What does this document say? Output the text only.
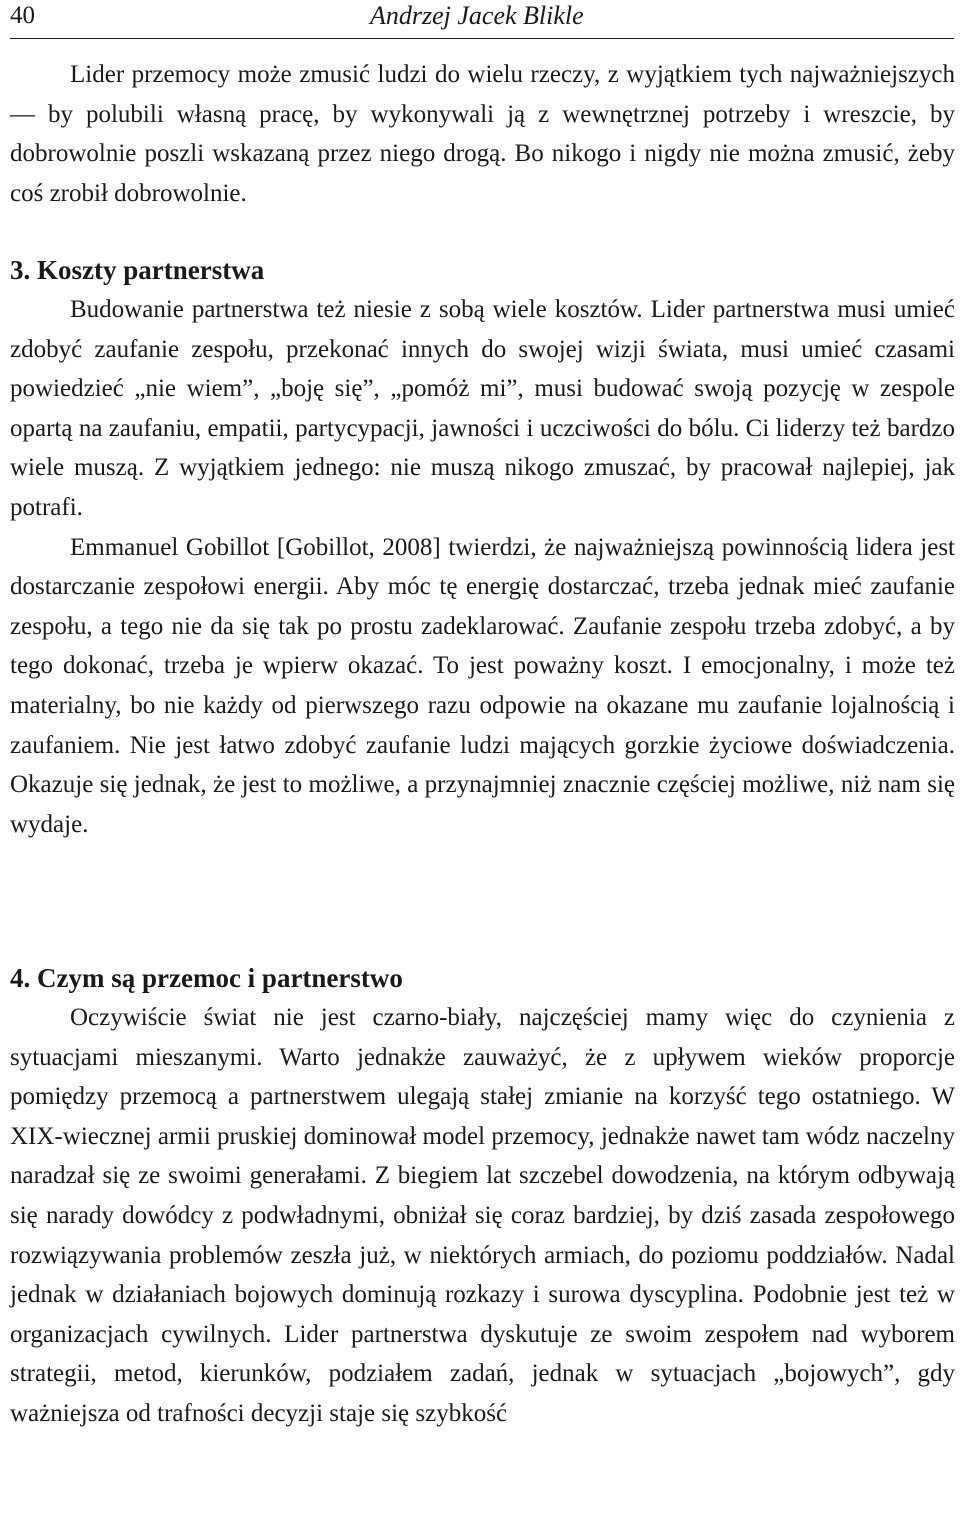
40	Andrzej Jacek Blikle

Lider przemocy może zmusić ludzi do wielu rzeczy, z wyjątkiem tych najważniejszych — by polubili własną pracę, by wykonywali ją z wewnętrznej potrzeby i wreszcie, by dobrowolnie poszli wskazaną przez niego drogą. Bo nikogo i nigdy nie można zmusić, żeby coś zrobił dobrowolnie.

3. Koszty partnerstwa

Budowanie partnerstwa też niesie z sobą wiele kosztów. Lider partnerstwa musi umieć zdobyć zaufanie zespołu, przekonać innych do swojej wizji świata, musi umieć czasami powiedzieć „nie wiem”, „boję się”, „pomóż mi”, musi budować swoją pozycję w zespole opartą na zaufaniu, empatii, partycypacji, jawności i uczciwości do bólu. Ci liderzy też bardzo wiele muszą. Z wyjątkiem jednego: nie muszą nikogo zmuszać, by pracował najlepiej, jak potrafi.

Emmanuel Gobillot [Gobillot, 2008] twierdzi, że najważniejszą powinnością lidera jest dostarczanie zespołowi energii. Aby móc tę energię dostarczać, trzeba jednak mieć zaufanie zespołu, a tego nie da się tak po prostu zadeklarować. Zaufanie zespołu trzeba zdobyć, a by tego dokonać, trzeba je wpierw okazać. To jest poważny koszt. I emocjonalny, i może też materialny, bo nie każdy od pierwszego razu odpowie na okazane mu zaufanie lojalnością i zaufaniem. Nie jest łatwo zdobyć zaufanie ludzi mających gorzkie życiowe doświadczenia. Okazuje się jednak, że jest to możliwe, a przynajmniej znacznie częściej możliwe, niż nam się wydaje.

4. Czym są przemoc i partnerstwo

Oczywiście świat nie jest czarno-biały, najczęściej mamy więc do czynienia z sytuacjami mieszanymi. Warto jednakże zauważyć, że z upływem wieków proporcje pomiędzy przemocą a partnerstwem ulegają stałej zmianie na korzyść tego ostatniego. W XIX-wiecznej armii pruskiej dominował model przemocy, jednakże nawet tam wódz naczelny naradzał się ze swoimi generałami. Z biegiem lat szczebel dowodzenia, na którym odbywają się narady dowódcy z podwładnymi, obniżał się coraz bardziej, by dziś zasada zespołowego rozwiązywania problemów zeszła już, w niektórych armiach, do poziomu poddziałów. Nadal jednak w działaniach bojowych dominują rozkazy i surowa dyscyplina. Podobnie jest też w organizacjach cywilnych. Lider partnerstwa dyskutuje ze swoim zespołem nad wyborem strategii, metod, kierunków, podziałem zadań, jednak w sytuacjach „bojowych”, gdy ważniejsza od trafności decyzji staje się szybkość
